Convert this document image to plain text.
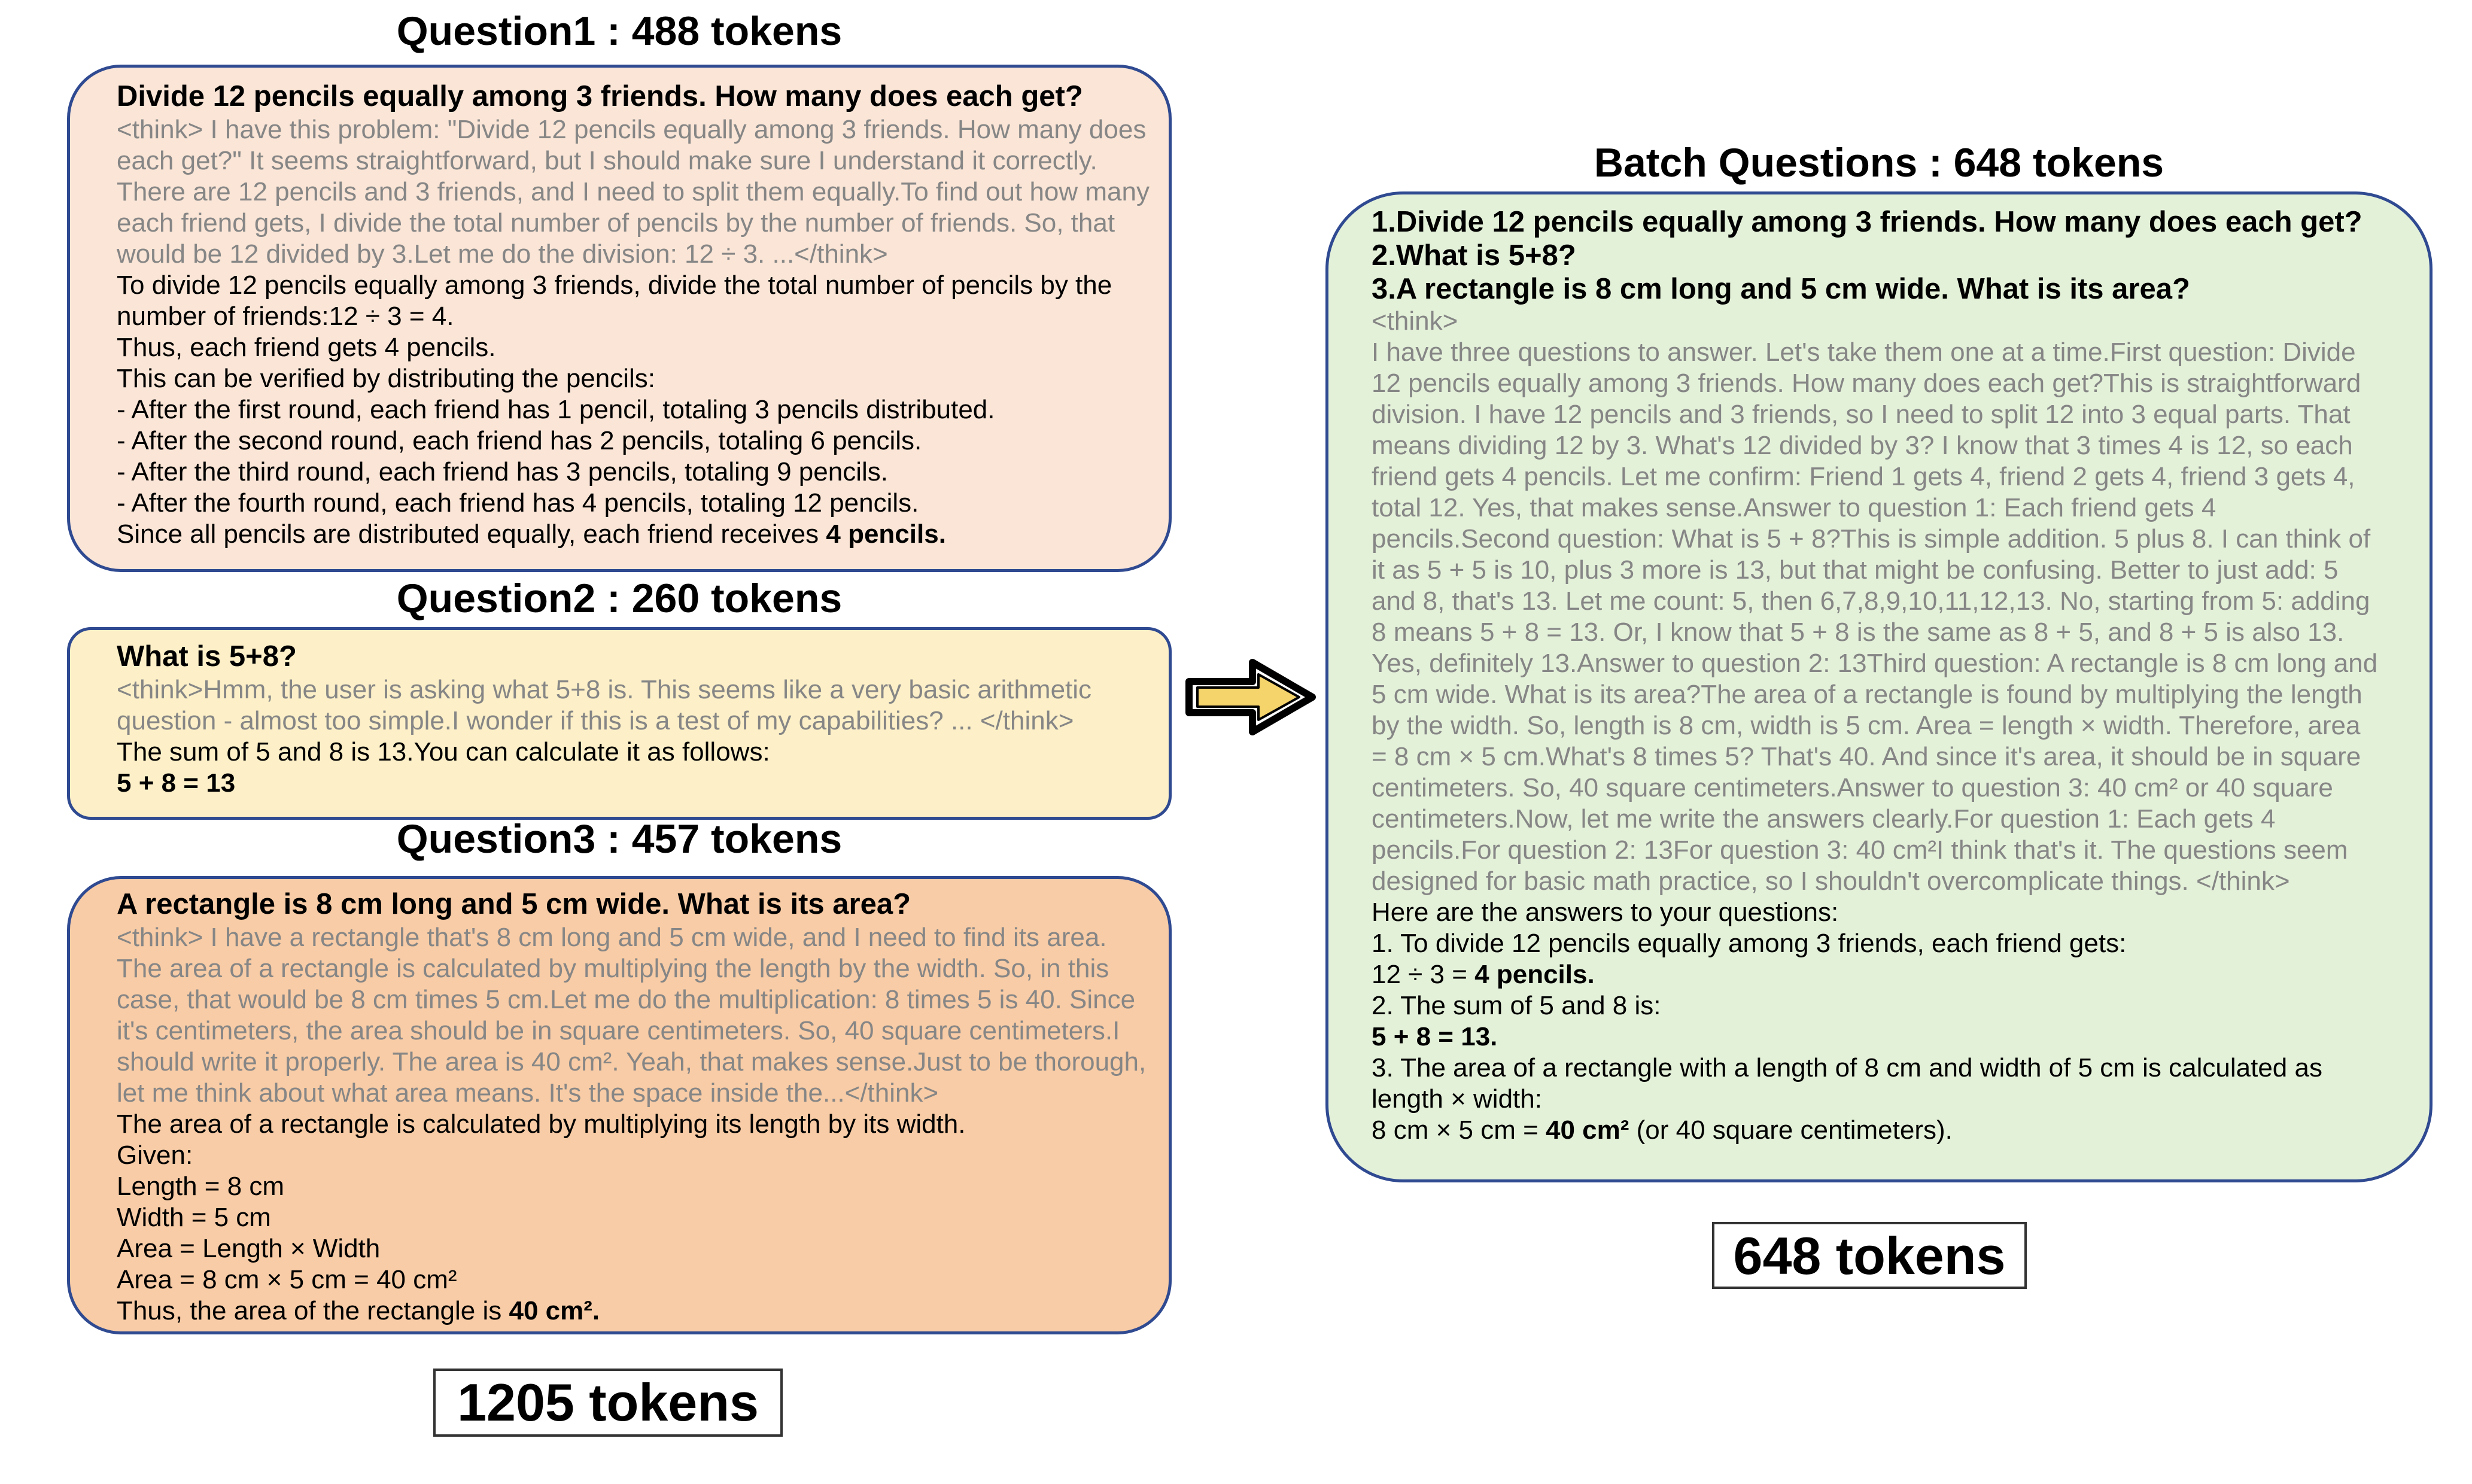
Question1 : 488 tokens
Divide 12 pencils equally among 3 friends. How many does each get?
<think> I have this problem: "Divide 12 pencils equally among 3 friends. How many does
each get?" It seems straightforward, but I should make sure I understand it correctly.
There are 12 pencils and 3 friends, and I need to split them equally.To find out how many
each friend gets, I divide the total number of pencils by the number of friends. So, that
would be 12 divided by 3.Let me do the division: 12 ÷ 3. ...</think>
To divide 12 pencils equally among 3 friends, divide the total number of pencils by the
number of friends:12 ÷ 3 = 4.
Thus, each friend gets 4 pencils.
This can be verified by distributing the pencils:
- After the first round, each friend has 1 pencil, totaling 3 pencils distributed.
- After the second round, each friend has 2 pencils, totaling 6 pencils.
- After the third round, each friend has 3 pencils, totaling 9 pencils.
- After the fourth round, each friend has 4 pencils, totaling 12 pencils.
Since all pencils are distributed equally, each friend receives 4 pencils.
Question2 : 260 tokens
What is 5+8?
<think>Hmm, the user is asking what 5+8 is. This seems like a very basic arithmetic
question - almost too simple.I wonder if this is a test of my capabilities? ... </think>
The sum of 5 and 8 is 13.You can calculate it as follows:
5 + 8 = 13
Question3 : 457 tokens
A rectangle is 8 cm long and 5 cm wide. What is its area?
<think> I have a rectangle that's 8 cm long and 5 cm wide, and I need to find its area.
The area of a rectangle is calculated by multiplying the length by the width. So, in this
case, that would be 8 cm times 5 cm.Let me do the multiplication: 8 times 5 is 40. Since
it's centimeters, the area should be in square centimeters. So, 40 square centimeters.I
should write it properly. The area is 40 cm². Yeah, that makes sense.Just to be thorough,
let me think about what area means. It's the space inside the...</think>
The area of a rectangle is calculated by multiplying its length by its width.
Given:
Length = 8 cm
Width = 5 cm
Area = Length × Width
Area = 8 cm × 5 cm = 40 cm²
Thus, the area of the rectangle is 40 cm².
1205 tokens
Batch Questions : 648 tokens
1.Divide 12 pencils equally among 3 friends. How many does each get?
2.What is 5+8?
3.A rectangle is 8 cm long and 5 cm wide. What is its area?
<think>
I have three questions to answer. Let's take them one at a time.First question: Divide
12 pencils equally among 3 friends. How many does each get?This is straightforward
division. I have 12 pencils and 3 friends, so I need to split 12 into 3 equal parts. That
means dividing 12 by 3. What's 12 divided by 3? I know that 3 times 4 is 12, so each
friend gets 4 pencils. Let me confirm: Friend 1 gets 4, friend 2 gets 4, friend 3 gets 4,
total 12. Yes, that makes sense.Answer to question 1: Each friend gets 4
pencils.Second question: What is 5 + 8?This is simple addition. 5 plus 8. I can think of
it as 5 + 5 is 10, plus 3 more is 13, but that might be confusing. Better to just add: 5
and 8, that's 13. Let me count: 5, then 6,7,8,9,10,11,12,13. No, starting from 5: adding
8 means 5 + 8 = 13. Or, I know that 5 + 8 is the same as 8 + 5, and 8 + 5 is also 13.
Yes, definitely 13.Answer to question 2: 13Third question: A rectangle is 8 cm long and
5 cm wide. What is its area?The area of a rectangle is found by multiplying the length
by the width. So, length is 8 cm, width is 5 cm. Area = length × width. Therefore, area
= 8 cm × 5 cm.What's 8 times 5? That's 40. And since it's area, it should be in square
centimeters. So, 40 square centimeters.Answer to question 3: 40 cm² or 40 square
centimeters.Now, let me write the answers clearly.For question 1: Each gets 4
pencils.For question 2: 13For question 3: 40 cm²I think that's it. The questions seem
designed for basic math practice, so I shouldn't overcomplicate things. </think>
Here are the answers to your questions:
1. To divide 12 pencils equally among 3 friends, each friend gets:
12 ÷ 3 = 4 pencils.
2. The sum of 5 and 8 is:
5 + 8 = 13.
3. The area of a rectangle with a length of 8 cm and width of 5 cm is calculated as
length × width:
8 cm × 5 cm = 40 cm² (or 40 square centimeters).
648 tokens
